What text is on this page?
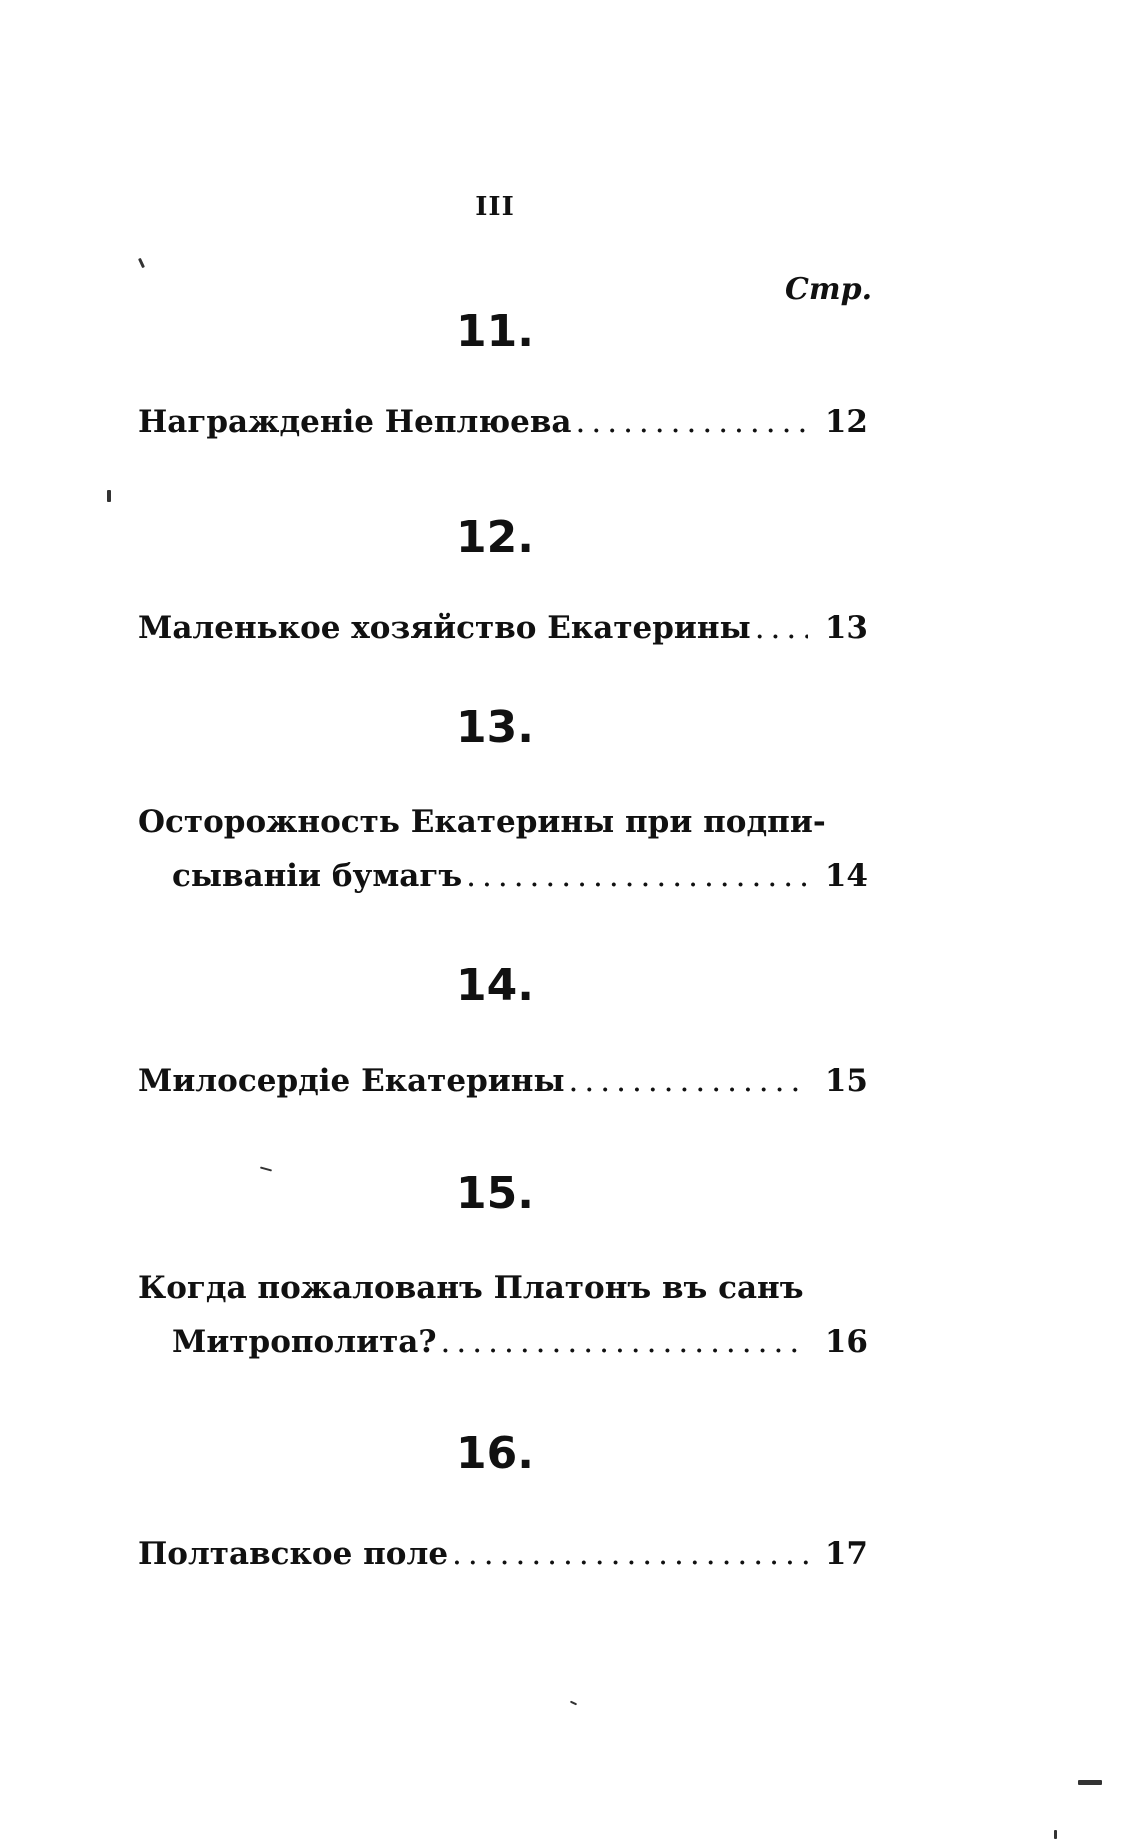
III
Стр.
11.
Награжденіе Неплюева .....	12
12.
Маленькое хозяйство Екатерины ..... 13
13.
Осторожность Екатерины при подпи-
сываніи бумагъ .....	14
14.
Милосердіе Екатерины .....	15
15.
Когда пожалованъ Платонъ въ санъ
Митрополита? .....	16
16.
Полтавское поле .....	17
